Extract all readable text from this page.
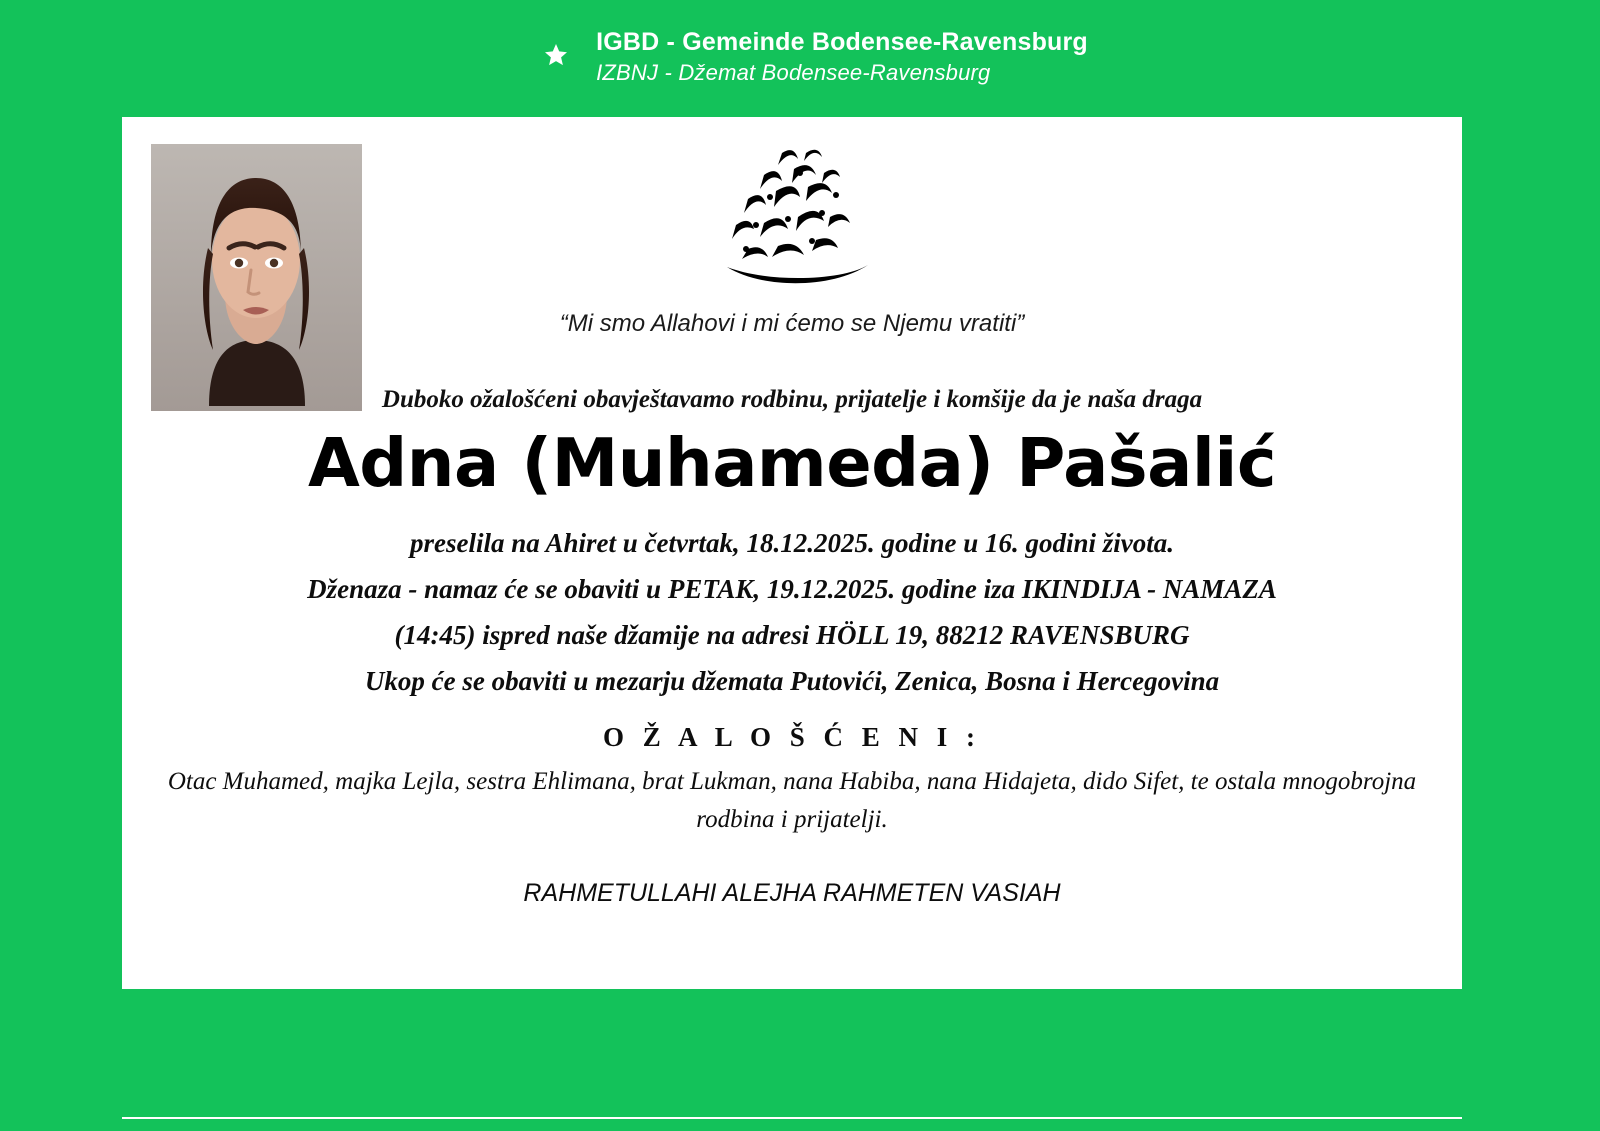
IGBD - Gemeinde Bodensee-Ravensburg
IZBNJ - Džemat Bodensee-Ravensburg
“Mi smo Allahovi i mi ćemo se Njemu vratiti”
Duboko ožalošćeni obavještavamo rodbinu, prijatelje i komšije da je naša draga
Adna (Muhameda) Pašalić

preselila na Ahiret u četvrtak, 18.12.2025. godine u 16. godini života.

Dženaza - namaz će se obaviti u PETAK, 19.12.2025. godine iza IKINDIJA - NAMAZA

(14:45) ispred naše džamije na adresi HÖLL 19, 88212 RAVENSBURG

Ukop će se obaviti u mezarju džemata Putovići, Zenica, Bosna i Hercegovina

O Ž A L O Š Ć E N I :
Otac Muhamed, majka Lejla, sestra Ehlimana, brat Lukman, nana Habiba, nana Hidajeta, dido Sifet, te ostala mnogobrojna rodbina i prijatelji.
RAHMETULLAHI ALEJHA RAHMETEN VASIAH
